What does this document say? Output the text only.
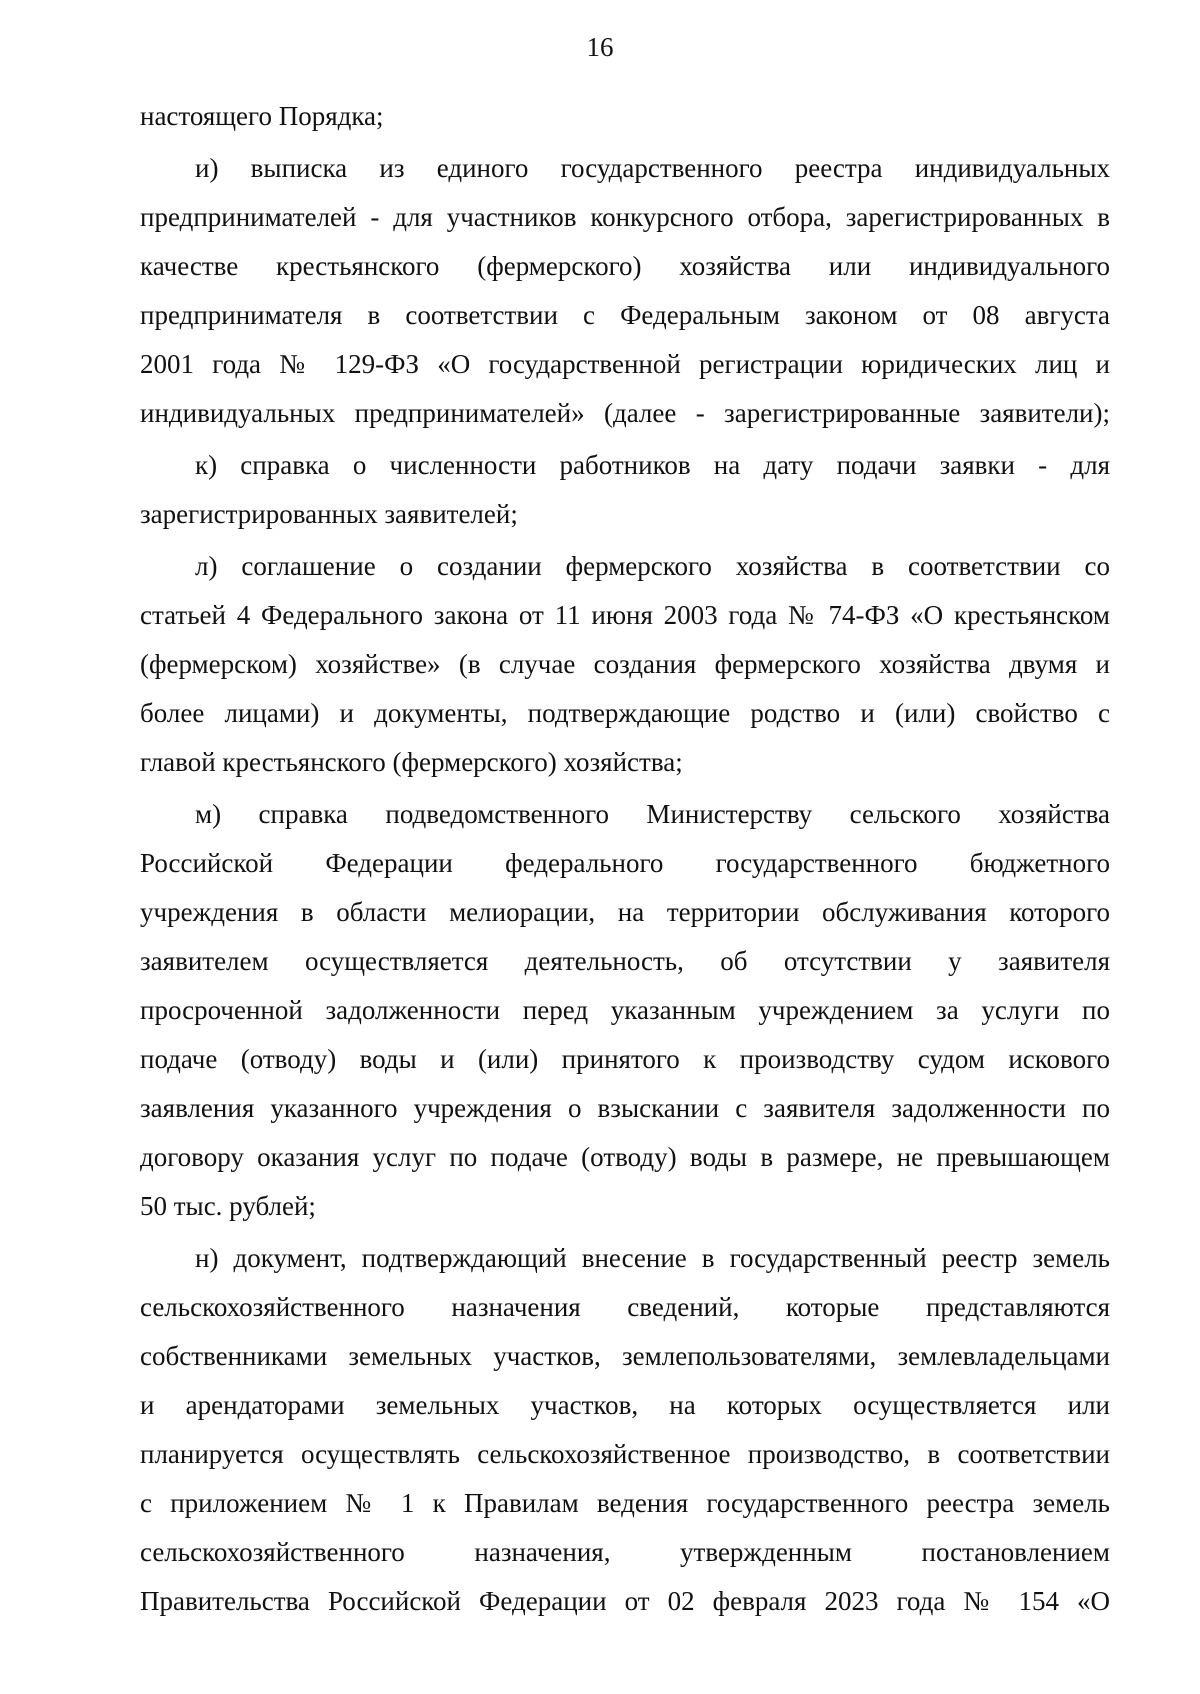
16
настоящего Порядка;
и) выписка из единого государственного реестра индивидуальных
предпринимателей - для участников конкурсного отбора, зарегистрированных в
качестве крестьянского (фермерского) хозяйства или индивидуального
предпринимателя в соответствии с Федеральным законом от 08 августа
2001 года № 129-ФЗ «О государственной регистрации юридических лиц и
индивидуальных предпринимателей» (далее - зарегистрированные заявители);
к) справка о численности работников на дату подачи заявки - для
зарегистрированных заявителей;
л) соглашение о создании фермерского хозяйства в соответствии со
статьей 4 Федерального закона от 11 июня 2003 года № 74-ФЗ «О крестьянском
(фермерском) хозяйстве» (в случае создания фермерского хозяйства двумя и
более лицами) и документы, подтверждающие родство и (или) свойство с
главой крестьянского (фермерского) хозяйства;
м) справка подведомственного Министерству сельского хозяйства
Российской Федерации федерального государственного бюджетного
учреждения в области мелиорации, на территории обслуживания которого
заявителем осуществляется деятельность, об отсутствии у заявителя
просроченной задолженности перед указанным учреждением за услуги по
подаче (отводу) воды и (или) принятого к производству судом искового
заявления указанного учреждения о взыскании с заявителя задолженности по
договору оказания услуг по подаче (отводу) воды в размере, не превышающем
50 тыс. рублей;
н) документ, подтверждающий внесение в государственный реестр земель
сельскохозяйственного назначения сведений, которые представляются
собственниками земельных участков, землепользователями, землевладельцами
и арендаторами земельных участков, на которых осуществляется или
планируется осуществлять сельскохозяйственное производство, в соответствии
с приложением № 1 к Правилам ведения государственного реестра земель
сельскохозяйственного назначения, утвержденным постановлением
Правительства Российской Федерации от 02 февраля 2023 года № 154 «О
